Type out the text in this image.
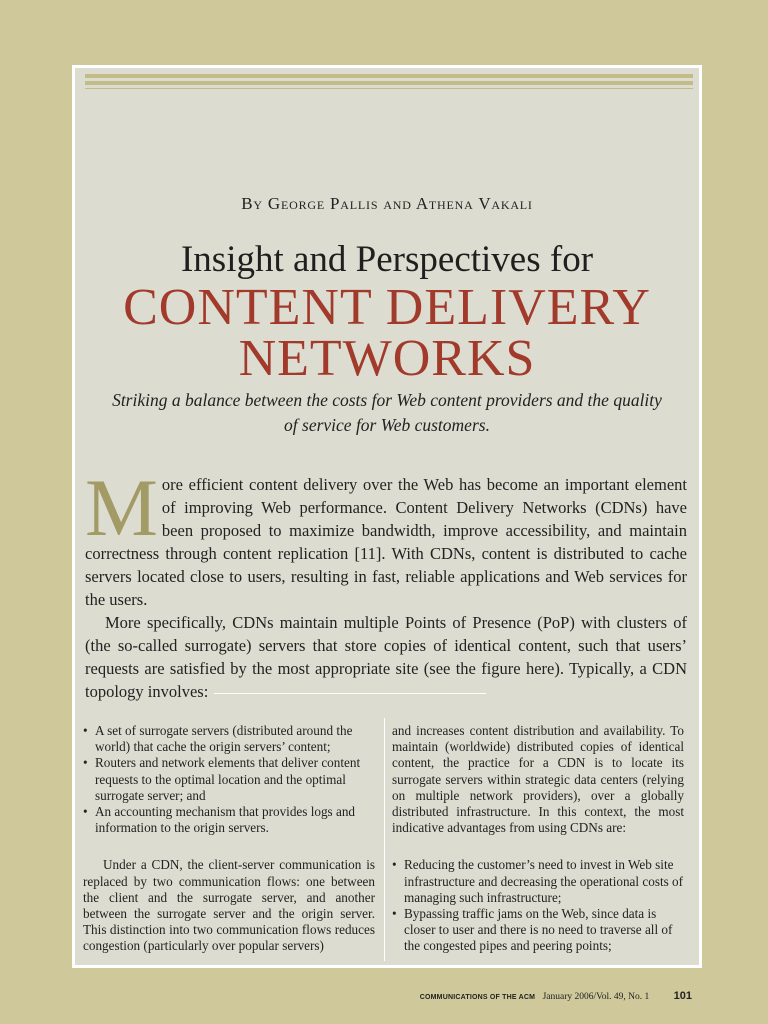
By George Pallis and Athena Vakali
Insight and Perspectives for
CONTENT DELIVERY
NETWORKS
Striking a balance between the costs for Web content providers and the quality of service for Web customers.

More efficient content delivery over the Web has become an important element of improving Web performance. Content Delivery Networks (CDNs) have been proposed to maximize bandwidth, improve accessibility, and maintain correctness through content replication [11]. With CDNs, content is distributed to cache servers located close to users, resulting in fast, reliable applications and Web services for the users.

More specifically, CDNs maintain multiple Points of Presence (PoP) with clusters of (the so-called surrogate) servers that store copies of identical content, such that users’ requests are satisfied by the most appropriate site (see the figure here). Typically, a CDN topology involves:

• A set of surrogate servers (distributed around the world) that cache the origin servers’ content;
• Routers and network elements that deliver content requests to the optimal location and the optimal surrogate server; and
• An accounting mechanism that provides logs and information to the origin servers.

Under a CDN, the client-server communication is replaced by two communication flows: one between the client and the surrogate server, and another between the surrogate server and the origin server. This distinction into two communication flows reduces congestion (particularly over popular servers)

and increases content distribution and availability. To maintain (worldwide) distributed copies of identical content, the practice for a CDN is to locate its surrogate servers within strategic data centers (relying on multiple network providers), over a globally distributed infrastructure. In this context, the most indicative advantages from using CDNs are:

• Reducing the customer’s need to invest in Web site infrastructure and decreasing the operational costs of managing such infrastructure;
• Bypassing traffic jams on the Web, since data is closer to user and there is no need to traverse all of the congested pipes and peering points;
COMMUNICATIONS OF THE ACM January 2006/Vol. 49, No. 1 101
